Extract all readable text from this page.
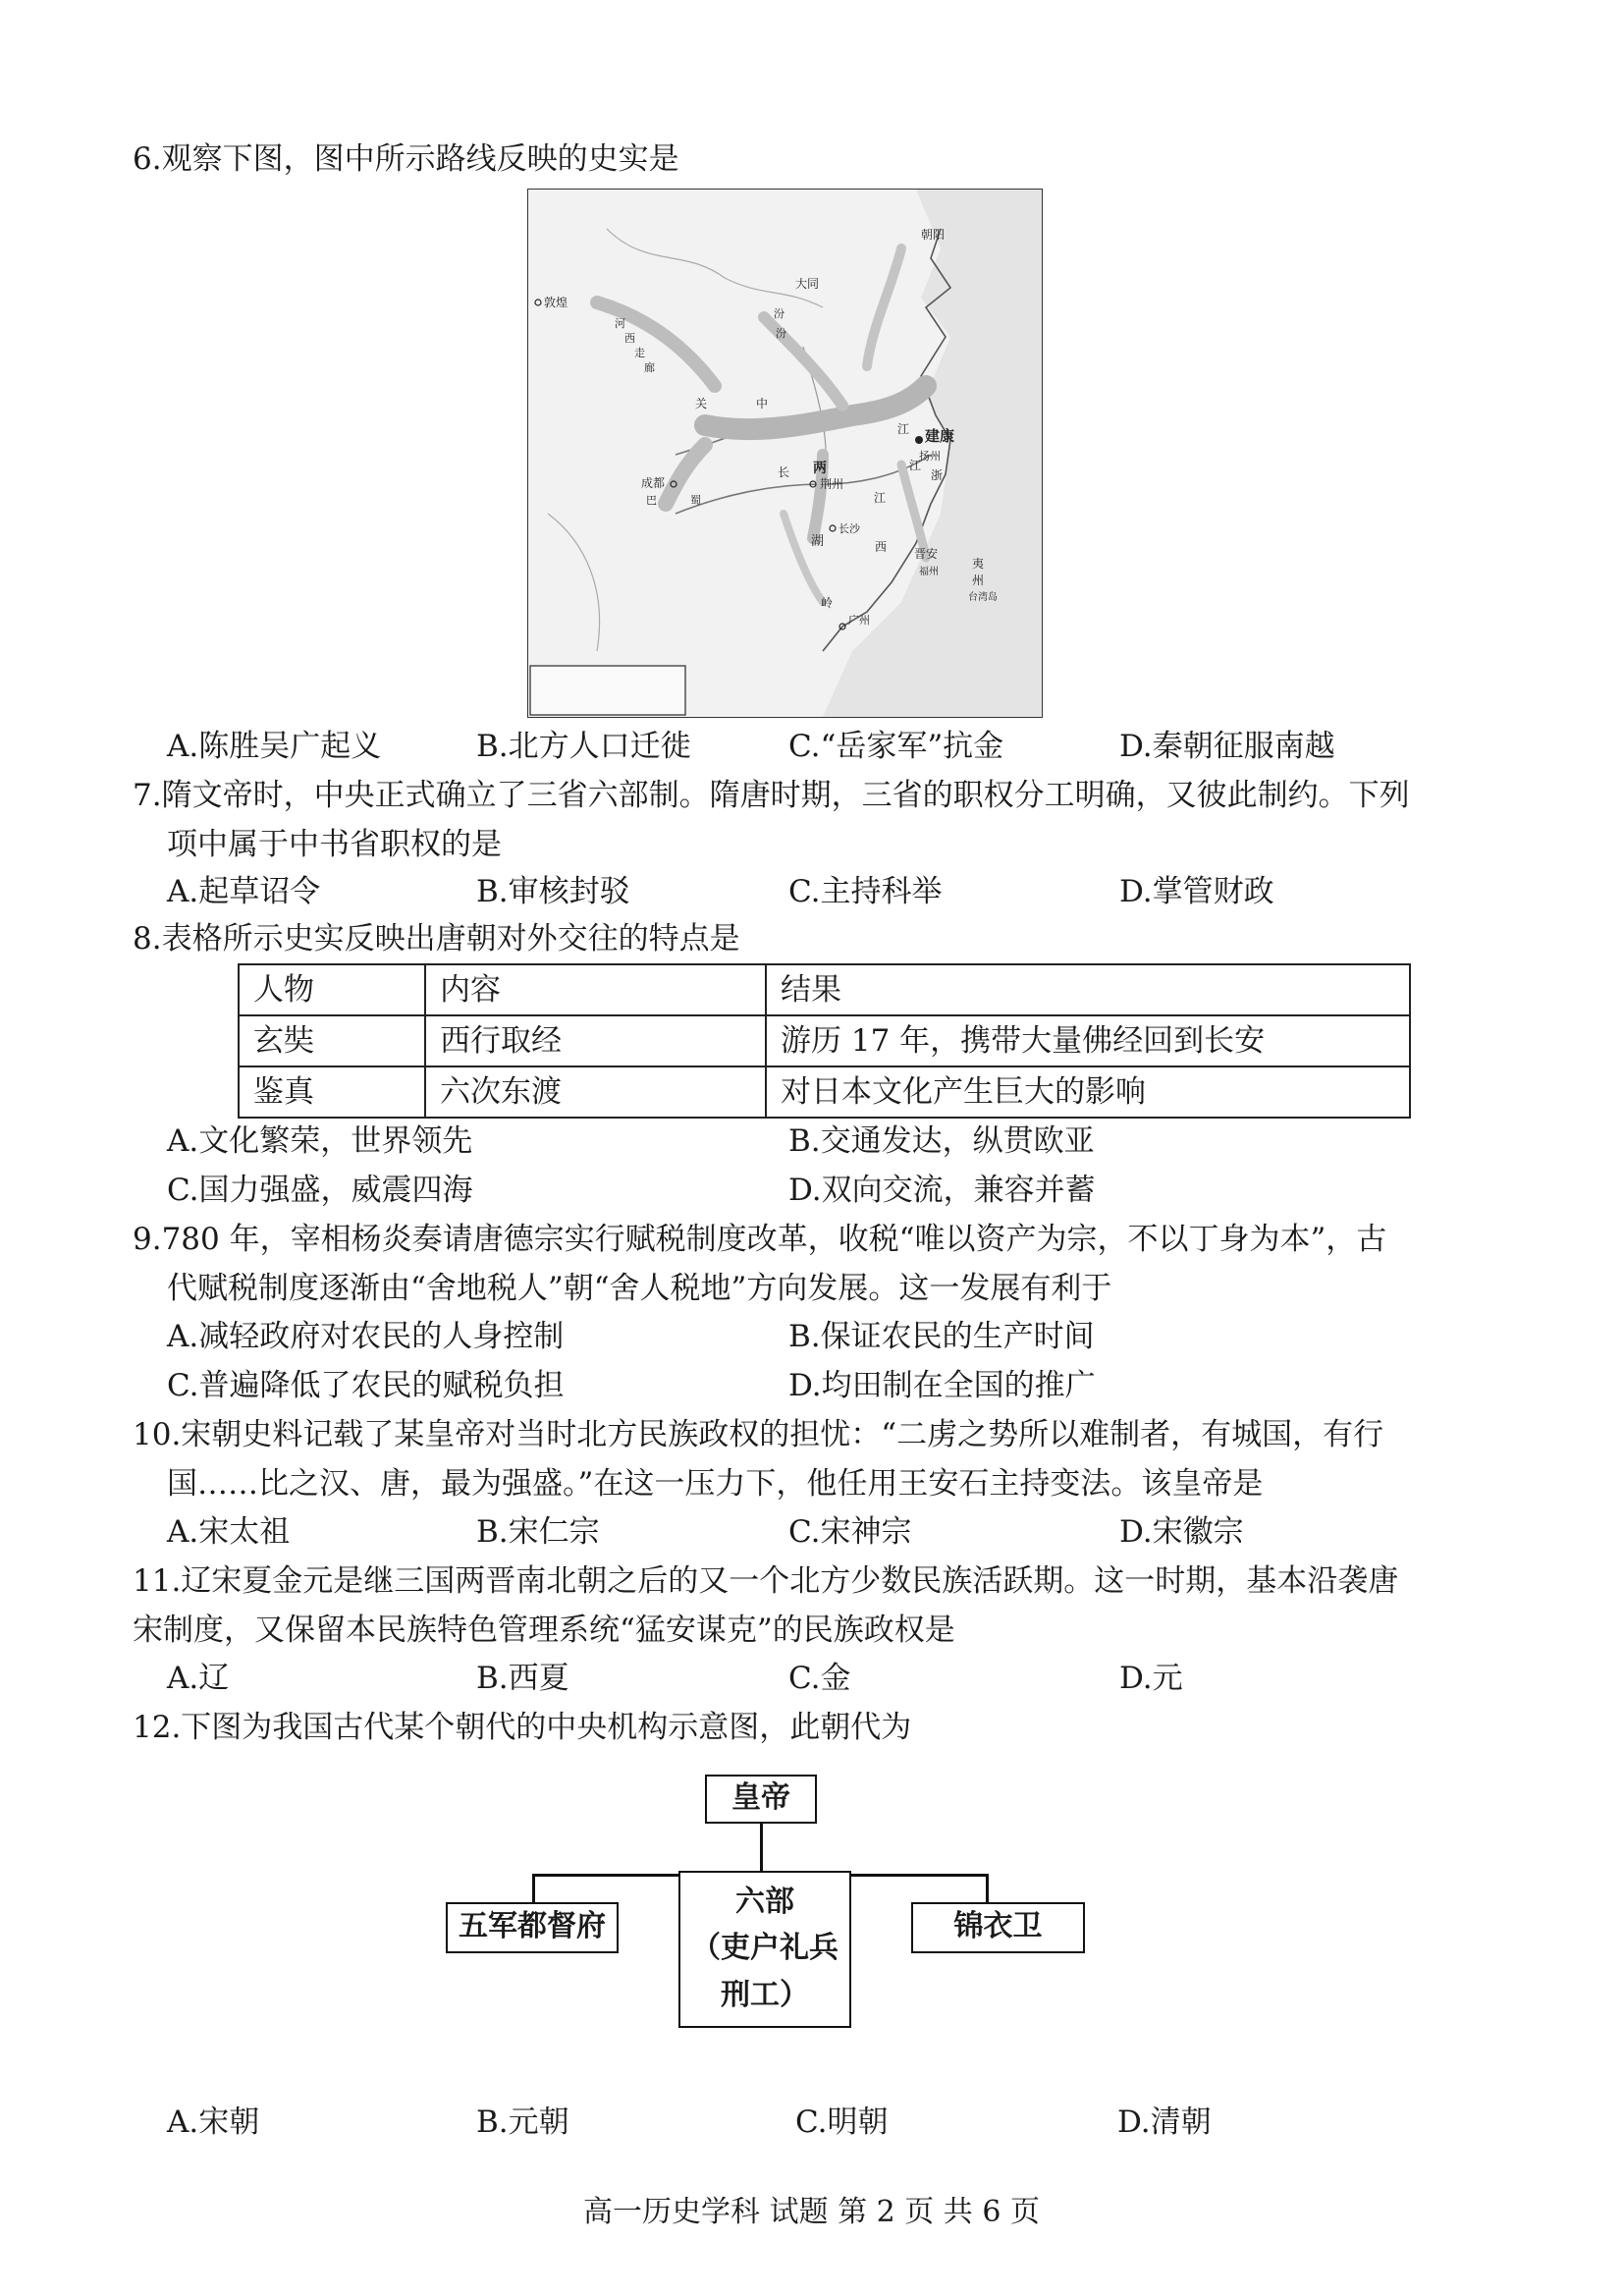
6.观察下图，图中所示路线反映的史实是
敦煌
河
西
走
廊
大同
朝阳
汾
汾
关	中
江 建康
扬州
成都
巴	蜀
两
荆州
长	浙
江
湖
长沙
江
西 晋安
福州
岭
广州
夷
州
台湾岛
A.陈胜吴广起义	B.北方人口迁徙	C.“岳家军”抗金	D.秦朝征服南越
7.隋文帝时，中央正式确立了三省六部制。隋唐时期，三省的职权分工明确，又彼此制约。下列
项中属于中书省职权的是
A.起草诏令	B.审核封驳	C.主持科举	D.掌管财政
8.表格所示史实反映出唐朝对外交往的特点是
人物	内容	结果
玄奘	西行取经	游历 17 年，携带大量佛经回到长安
鉴真	六次东渡	对日本文化产生巨大的影响
A.文化繁荣，世界领先	B.交通发达，纵贯欧亚
C.国力强盛，威震四海	D.双向交流，兼容并蓄
9.780 年，宰相杨炎奏请唐德宗实行赋税制度改革，收税“唯以资产为宗，不以丁身为本”，古
代赋税制度逐渐由“舍地税人”朝“舍人税地”方向发展。这一发展有利于
A.减轻政府对农民的人身控制	B.保证农民的生产时间
C.普遍降低了农民的赋税负担	D.均田制在全国的推广
10.宋朝史料记载了某皇帝对当时北方民族政权的担忧：“二虏之势所以难制者，有城国，有行
国……比之汉、唐，最为强盛。”在这一压力下，他任用王安石主持变法。该皇帝是
A.宋太祖	B.宋仁宗	C.宋神宗	D.宋徽宗
11.辽宋夏金元是继三国两晋南北朝之后的又一个北方少数民族活跃期。这一时期，基本沿袭唐
宋制度，又保留本民族特色管理系统“猛安谋克”的民族政权是
A.辽	B.西夏	C.金	D.元
12.下图为我国古代某个朝代的中央机构示意图，此朝代为
皇帝
五军都督府
六部
（吏户礼兵
刑工）
锦衣卫
A.宋朝	B.元朝	C.明朝	D.清朝
高一历史学科 试题 第 2 页 共 6 页
